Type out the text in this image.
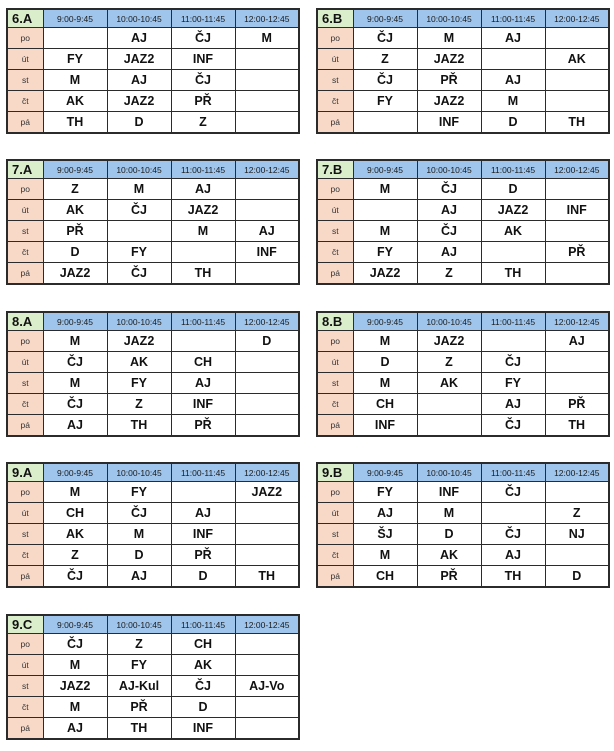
6.A	9:00-9:45	10:00-10:45	11:00-11:45	12:00-12:45
po		AJ	ČJ	M
út	FY	JAZ2	INF	
st	M	AJ	ČJ	
čt	AK	JAZ2	PŘ	
pá	TH	D	Z	
6.B	9:00-9:45	10:00-10:45	11:00-11:45	12:00-12:45
po	ČJ	M	AJ	
út	Z	JAZ2		AK
st	ČJ	PŘ	AJ	
čt	FY	JAZ2	M	
pá		INF	D	TH
7.A	9:00-9:45	10:00-10:45	11:00-11:45	12:00-12:45
po	Z	M	AJ	
út	AK	ČJ	JAZ2	
st	PŘ		M	AJ
čt	D	FY		INF
pá	JAZ2	ČJ	TH	
7.B	9:00-9:45	10:00-10:45	11:00-11:45	12:00-12:45
po	M	ČJ	D	
út		AJ	JAZ2	INF
st	M	ČJ	AK	
čt	FY	AJ		PŘ
pá	JAZ2	Z	TH	
8.A	9:00-9:45	10:00-10:45	11:00-11:45	12:00-12:45
po	M	JAZ2		D
út	ČJ	AK	CH	
st	M	FY	AJ	
čt	ČJ	Z	INF	
pá	AJ	TH	PŘ	
8.B	9:00-9:45	10:00-10:45	11:00-11:45	12:00-12:45
po	M	JAZ2		AJ
út	D	Z	ČJ	
st	M	AK	FY	
čt	CH		AJ	PŘ
pá	INF		ČJ	TH
9.A	9:00-9:45	10:00-10:45	11:00-11:45	12:00-12:45
po	M	FY		JAZ2
út	CH	ČJ	AJ	
st	AK	M	INF	
čt	Z	D	PŘ	
pá	ČJ	AJ	D	TH
9.B	9:00-9:45	10:00-10:45	11:00-11:45	12:00-12:45
po	FY	INF	ČJ	
út	AJ	M		Z
st	ŠJ	D	ČJ	NJ
čt	M	AK	AJ	
pá	CH	PŘ	TH	D
9.C	9:00-9:45	10:00-10:45	11:00-11:45	12:00-12:45
po	ČJ	Z	CH	
út	M	FY	AK	
st	JAZ2	AJ-Kul	ČJ	AJ-Vo
čt	M	PŘ	D	
pá	AJ	TH	INF	
